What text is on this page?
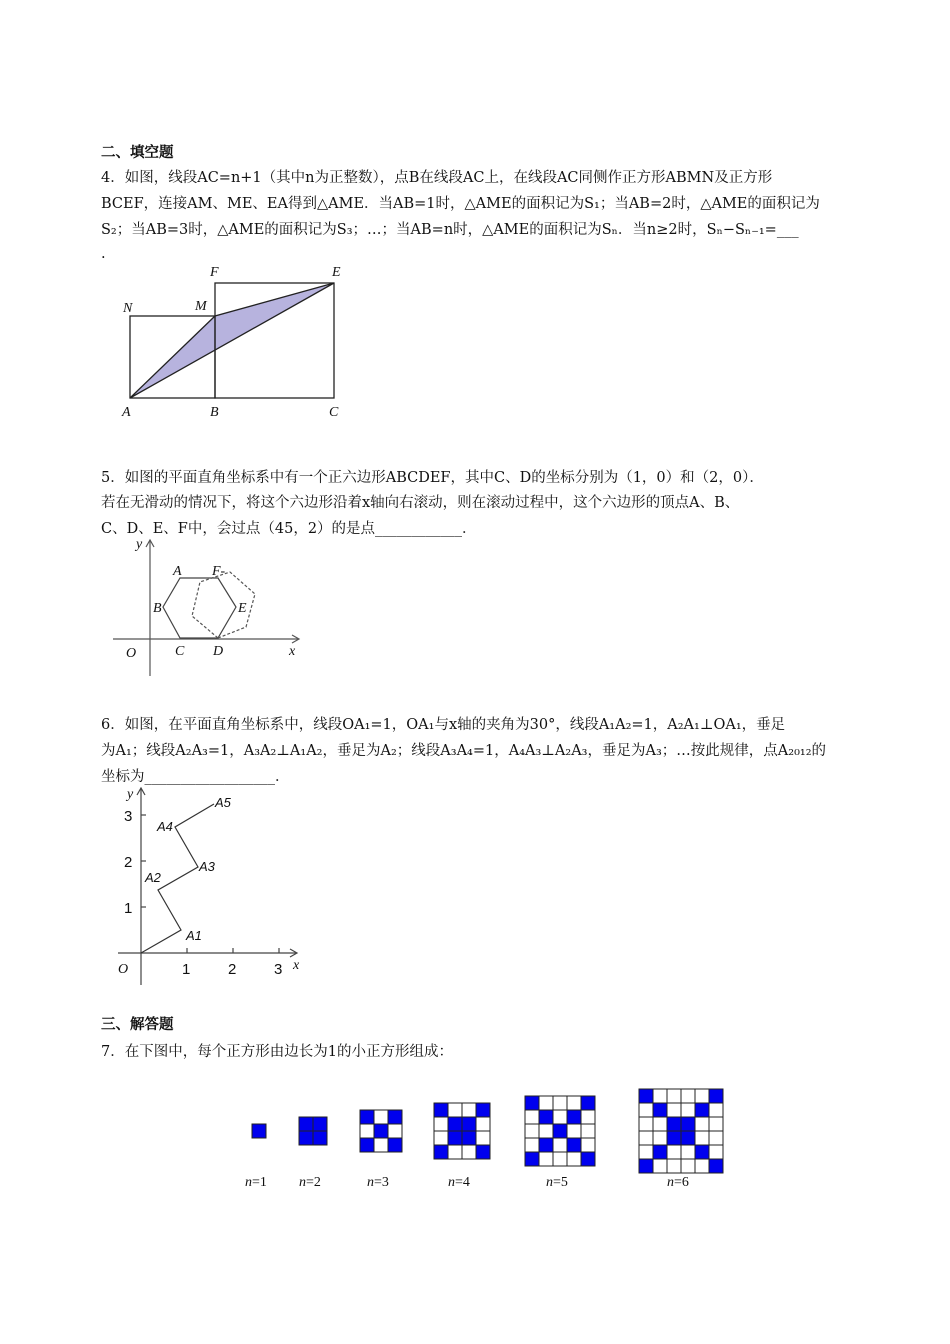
二、填空题
4．如图，线段AC=n+1（其中n为正整数），点B在线段AC上，在线段AC同侧作正方形ABMN及正方形
BCEF，连接AM、ME、EA得到△AME．当AB=1时，△AME的面积记为S₁；当AB=2时，△AME的面积记为
S₂；当AB=3时，△AME的面积记为S₃；…；当AB=n时，△AME的面积记为Sₙ．当n≥2时，Sₙ−Sₙ₋₁=___
.
N	M
F	E
A	B	C
y
x
O
A
B
C D
E
F-
y
x
O	1	2	3
1
2
3
A1
A2
A3
A4
A5
5．如图的平面直角坐标系中有一个正六边形ABCDEF，其中C、D的坐标分别为（1，0）和（2，0）．
若在无滑动的情况下，将这个六边形沿着x轴向右滚动，则在滚动过程中，这个六边形的顶点A、B、
C、D、E、F中，会过点（45，2）的是点____________．
6．如图，在平面直角坐标系中，线段OA₁=1，OA₁与x轴的夹角为30°，线段A₁A₂=1，A₂A₁⊥OA₁，垂足
为A₁；线段A₂A₃=1，A₃A₂⊥A₁A₂，垂足为A₂；线段A₃A₄=1，A₄A₃⊥A₂A₃，垂足为A₃；…按此规律，点A₂₀₁₂的
坐标为__________________．
三、解答题
7．在下图中，每个正方形由边长为1的小正方形组成：
n=1 n=2	n=3	n=4	n=5	n=6
